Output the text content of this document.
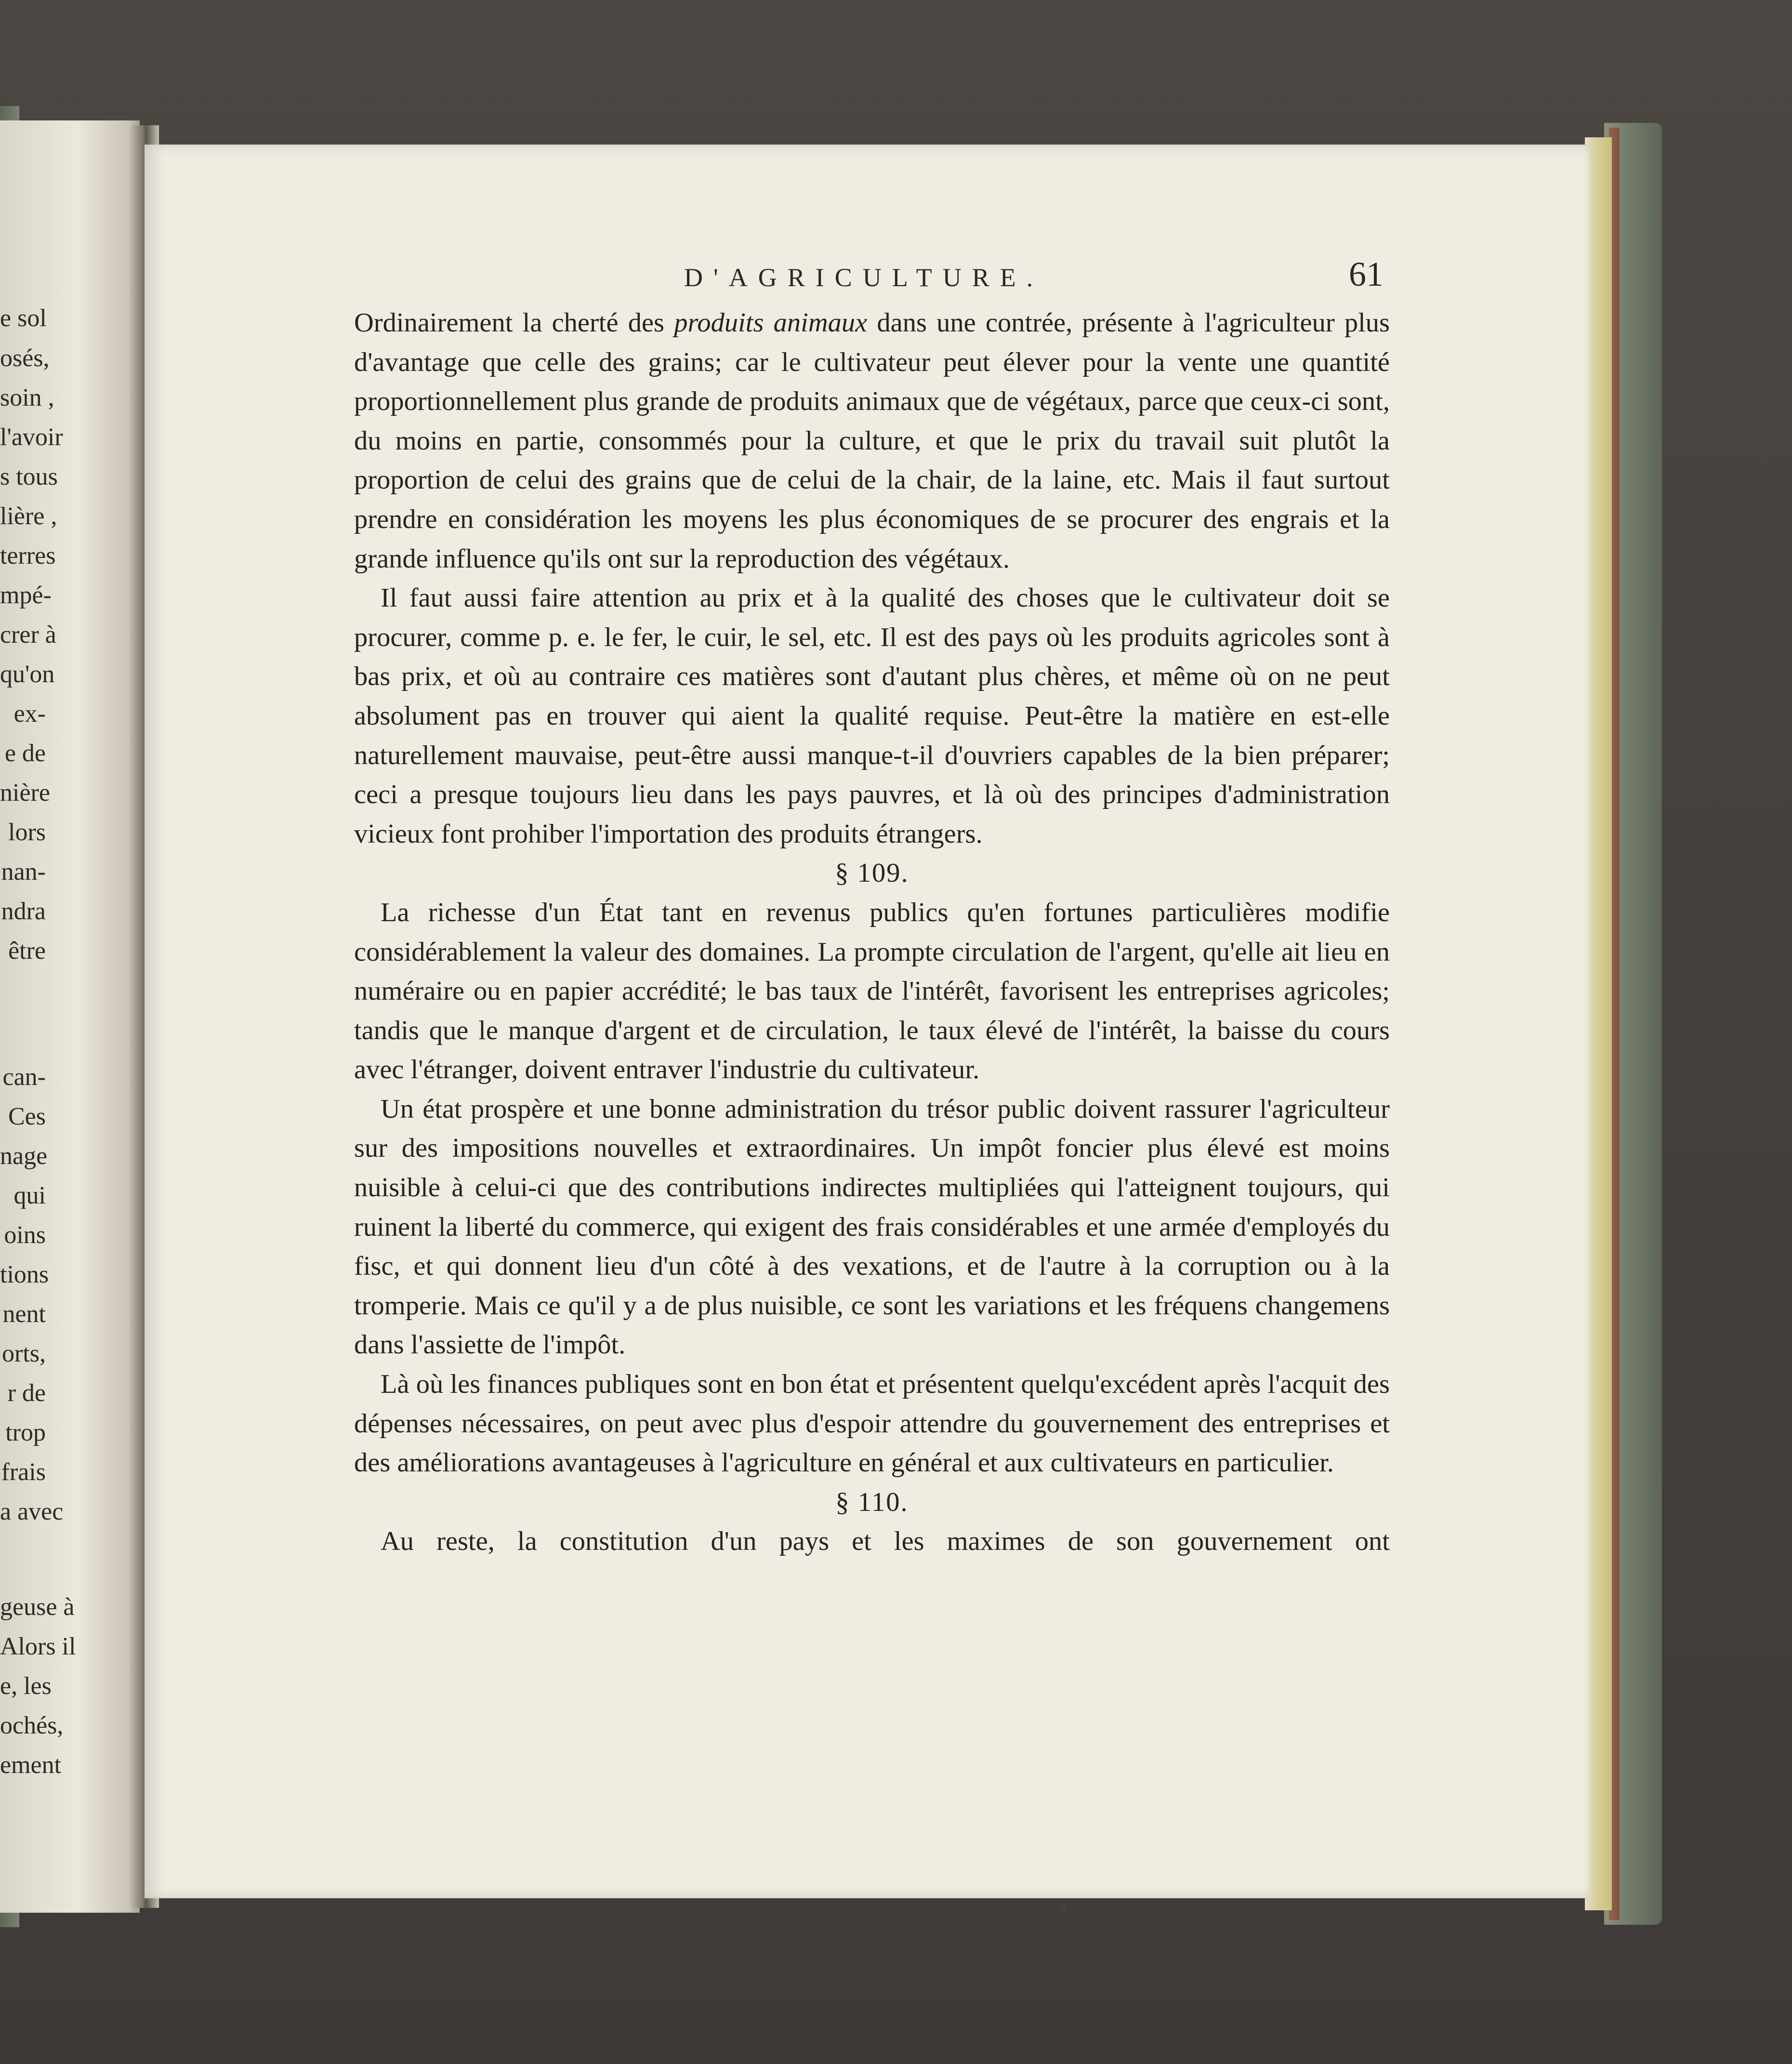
e sol
osés,
soin ,
l'avoir
s tous
lière ,
terres
mpé-
crer à
qu'on
ex-
e de
nière
lors
nan-
ndra
être
can-
Ces
nage
qui
oins
tions
nent
orts,
r de
trop
frais
a avec
geuse à
Alors il
e, les
ochés,
ement
D'AGRICULTURE.	61

Ordinairement la cherté des produits animaux dans une contrée, présente à l'agriculteur plus d'avantage que celle des grains; car le cultivateur peut élever pour la vente une quantité proportionnellement plus grande de produits animaux que de végétaux, parce que ceux-ci sont, du moins en partie, consommés pour la culture, et que le prix du travail suit plutôt la proportion de celui des grains que de celui de la chair, de la laine, etc. Mais il faut surtout prendre en considération les moyens les plus économiques de se procurer des engrais et la grande influence qu'ils ont sur la reproduction des végétaux.

Il faut aussi faire attention au prix et à la qualité des choses que le cultivateur doit se procurer, comme p. e. le fer, le cuir, le sel, etc. Il est des pays où les produits agricoles sont à bas prix, et où au contraire ces matières sont d'autant plus chères, et même où on ne peut absolument pas en trouver qui aient la qualité requise. Peut-être la matière en est-elle naturellement mauvaise, peut-être aussi manque-t-il d'ouvriers capables de la bien préparer; ceci a presque toujours lieu dans les pays pauvres, et là où des principes d'administration vicieux font prohiber l'importation des produits étrangers.

§ 109.

La richesse d'un État tant en revenus publics qu'en fortunes particulières modifie considérablement la valeur des domaines. La prompte circulation de l'argent, qu'elle ait lieu en numéraire ou en papier accrédité; le bas taux de l'intérêt, favorisent les entreprises agricoles; tandis que le manque d'argent et de circulation, le taux élevé de l'intérêt, la baisse du cours avec l'étranger, doivent entraver l'industrie du cultivateur.

Un état prospère et une bonne administration du trésor public doivent rassurer l'agriculteur sur des impositions nouvelles et extraordinaires. Un impôt foncier plus élevé est moins nuisible à celui-ci que des contributions indirectes multipliées qui l'atteignent toujours, qui ruinent la liberté du commerce, qui exigent des frais considérables et une armée d'employés du fisc, et qui donnent lieu d'un côté à des vexations, et de l'autre à la corruption ou à la tromperie. Mais ce qu'il y a de plus nuisible, ce sont les variations et les fréquens changemens dans l'assiette de l'impôt.

Là où les finances publiques sont en bon état et présentent quelqu'excédent après l'acquit des dépenses nécessaires, on peut avec plus d'espoir attendre du gouvernement des entreprises et des améliorations avantageuses à l'agriculture en général et aux cultivateurs en particulier.

§ 110.

Au reste, la constitution d'un pays et les maximes de son gouvernement ont
